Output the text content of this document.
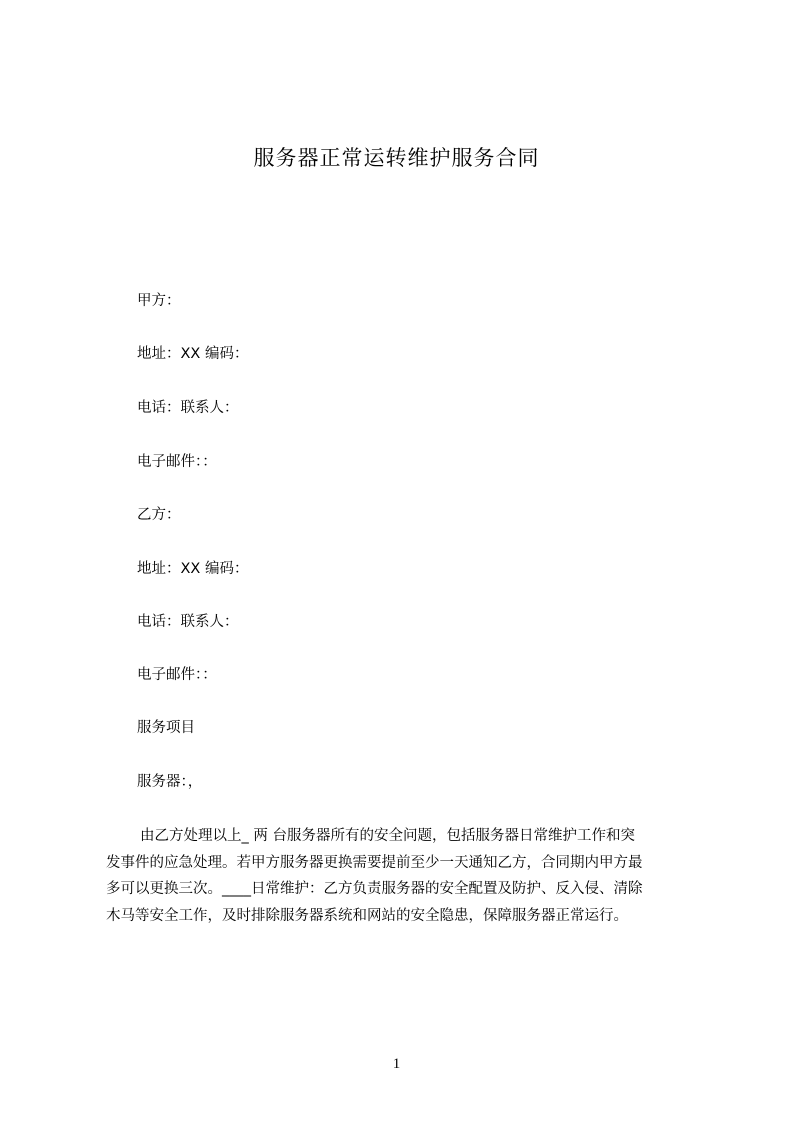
服务器正常运转维护服务合同
甲方：
地址：XX 编码：
电话：联系人：
电子邮件：：
乙方：
地址：XX 编码：
电话：联系人：
电子邮件：：
服务项目
服务器：，

由乙方处理以上_ 两 台服务器所有的安全问题，包括服务器日常维护工作和突
发事件的应急处理。若甲方服务器更换需要提前至少一天通知乙方，合同期内甲方最
多可以更换三次。____日常维护：乙方负责服务器的安全配置及防护、反入侵、清除
木马等安全工作，及时排除服务器系统和网站的安全隐患，保障服务器正常运行。

1
